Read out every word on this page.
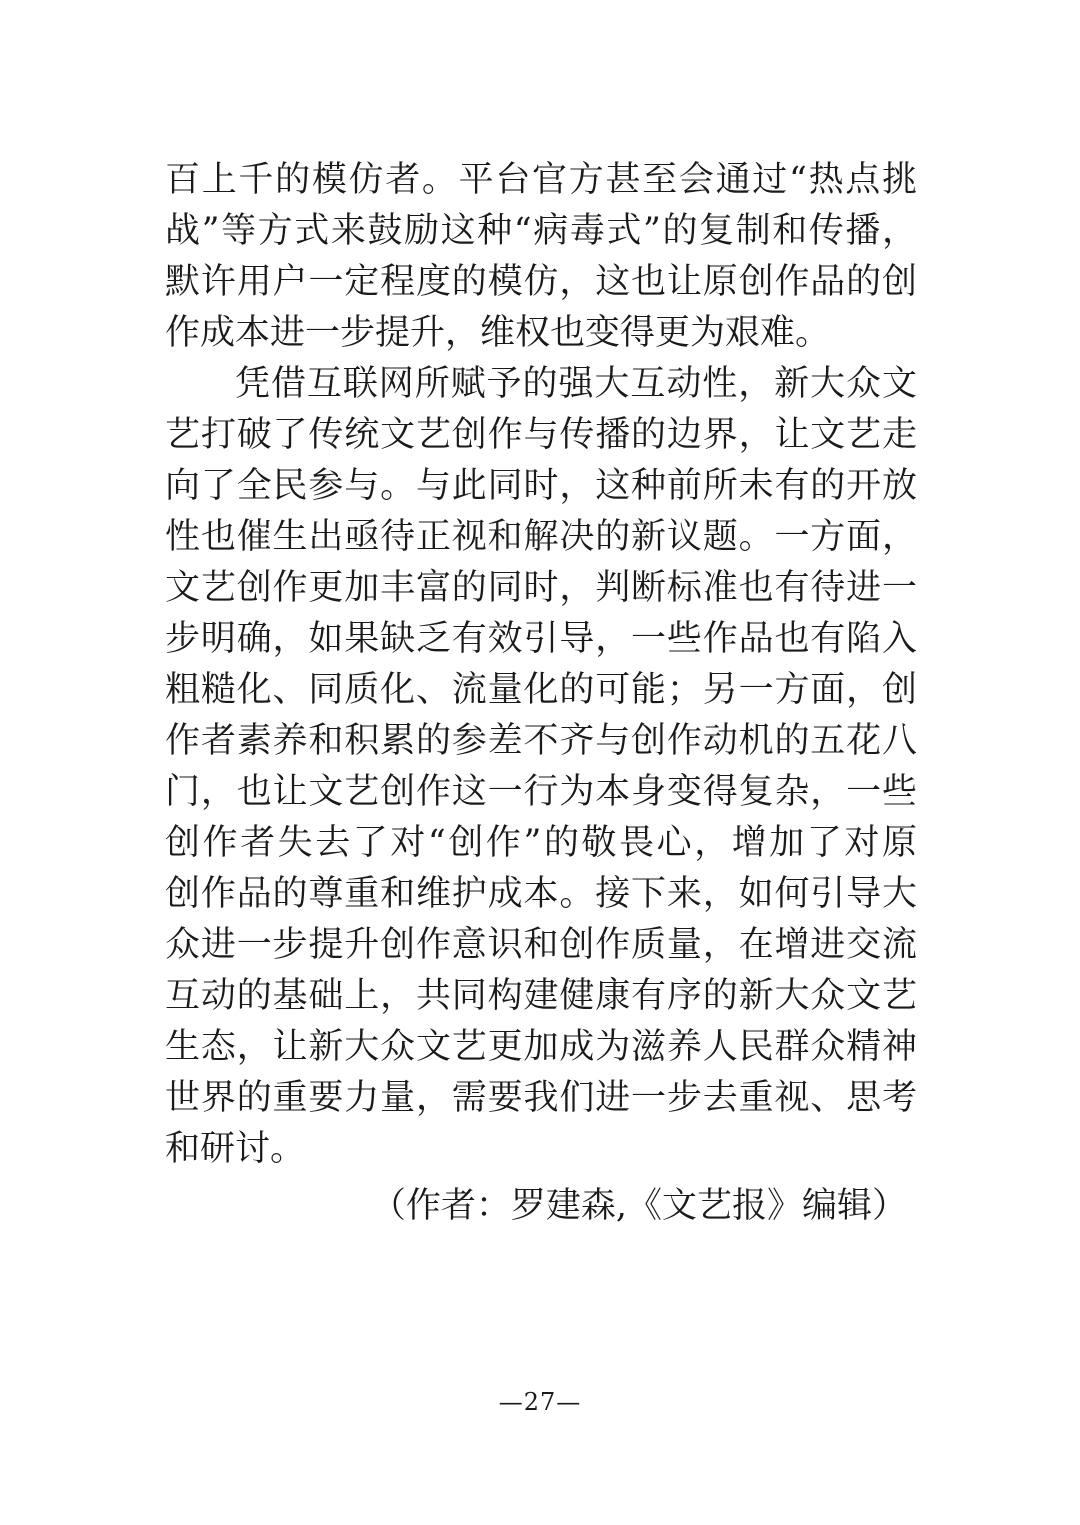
百上千的模仿者。平台官方甚至会通过“热点挑
战”等方式来鼓励这种“病毒式”的复制和传播，
默许用户一定程度的模仿，这也让原创作品的创
作成本进一步提升，维权也变得更为艰难。
凭借互联网所赋予的强大互动性，新大众文
艺打破了传统文艺创作与传播的边界，让文艺走
向了全民参与。与此同时，这种前所未有的开放
性也催生出亟待正视和解决的新议题。一方面，
文艺创作更加丰富的同时，判断标准也有待进一
步明确，如果缺乏有效引导，一些作品也有陷入
粗糙化、同质化、流量化的可能；另一方面，创
作者素养和积累的参差不齐与创作动机的五花八
门，也让文艺创作这一行为本身变得复杂，一些
创作者失去了对“创作”的敬畏心，增加了对原
创作品的尊重和维护成本。接下来，如何引导大
众进一步提升创作意识和创作质量，在增进交流
互动的基础上，共同构建健康有序的新大众文艺
生态，让新大众文艺更加成为滋养人民群众精神
世界的重要力量，需要我们进一步去重视、思考
和研讨。
（作者：罗建森,《文艺报》编辑）
—27—
